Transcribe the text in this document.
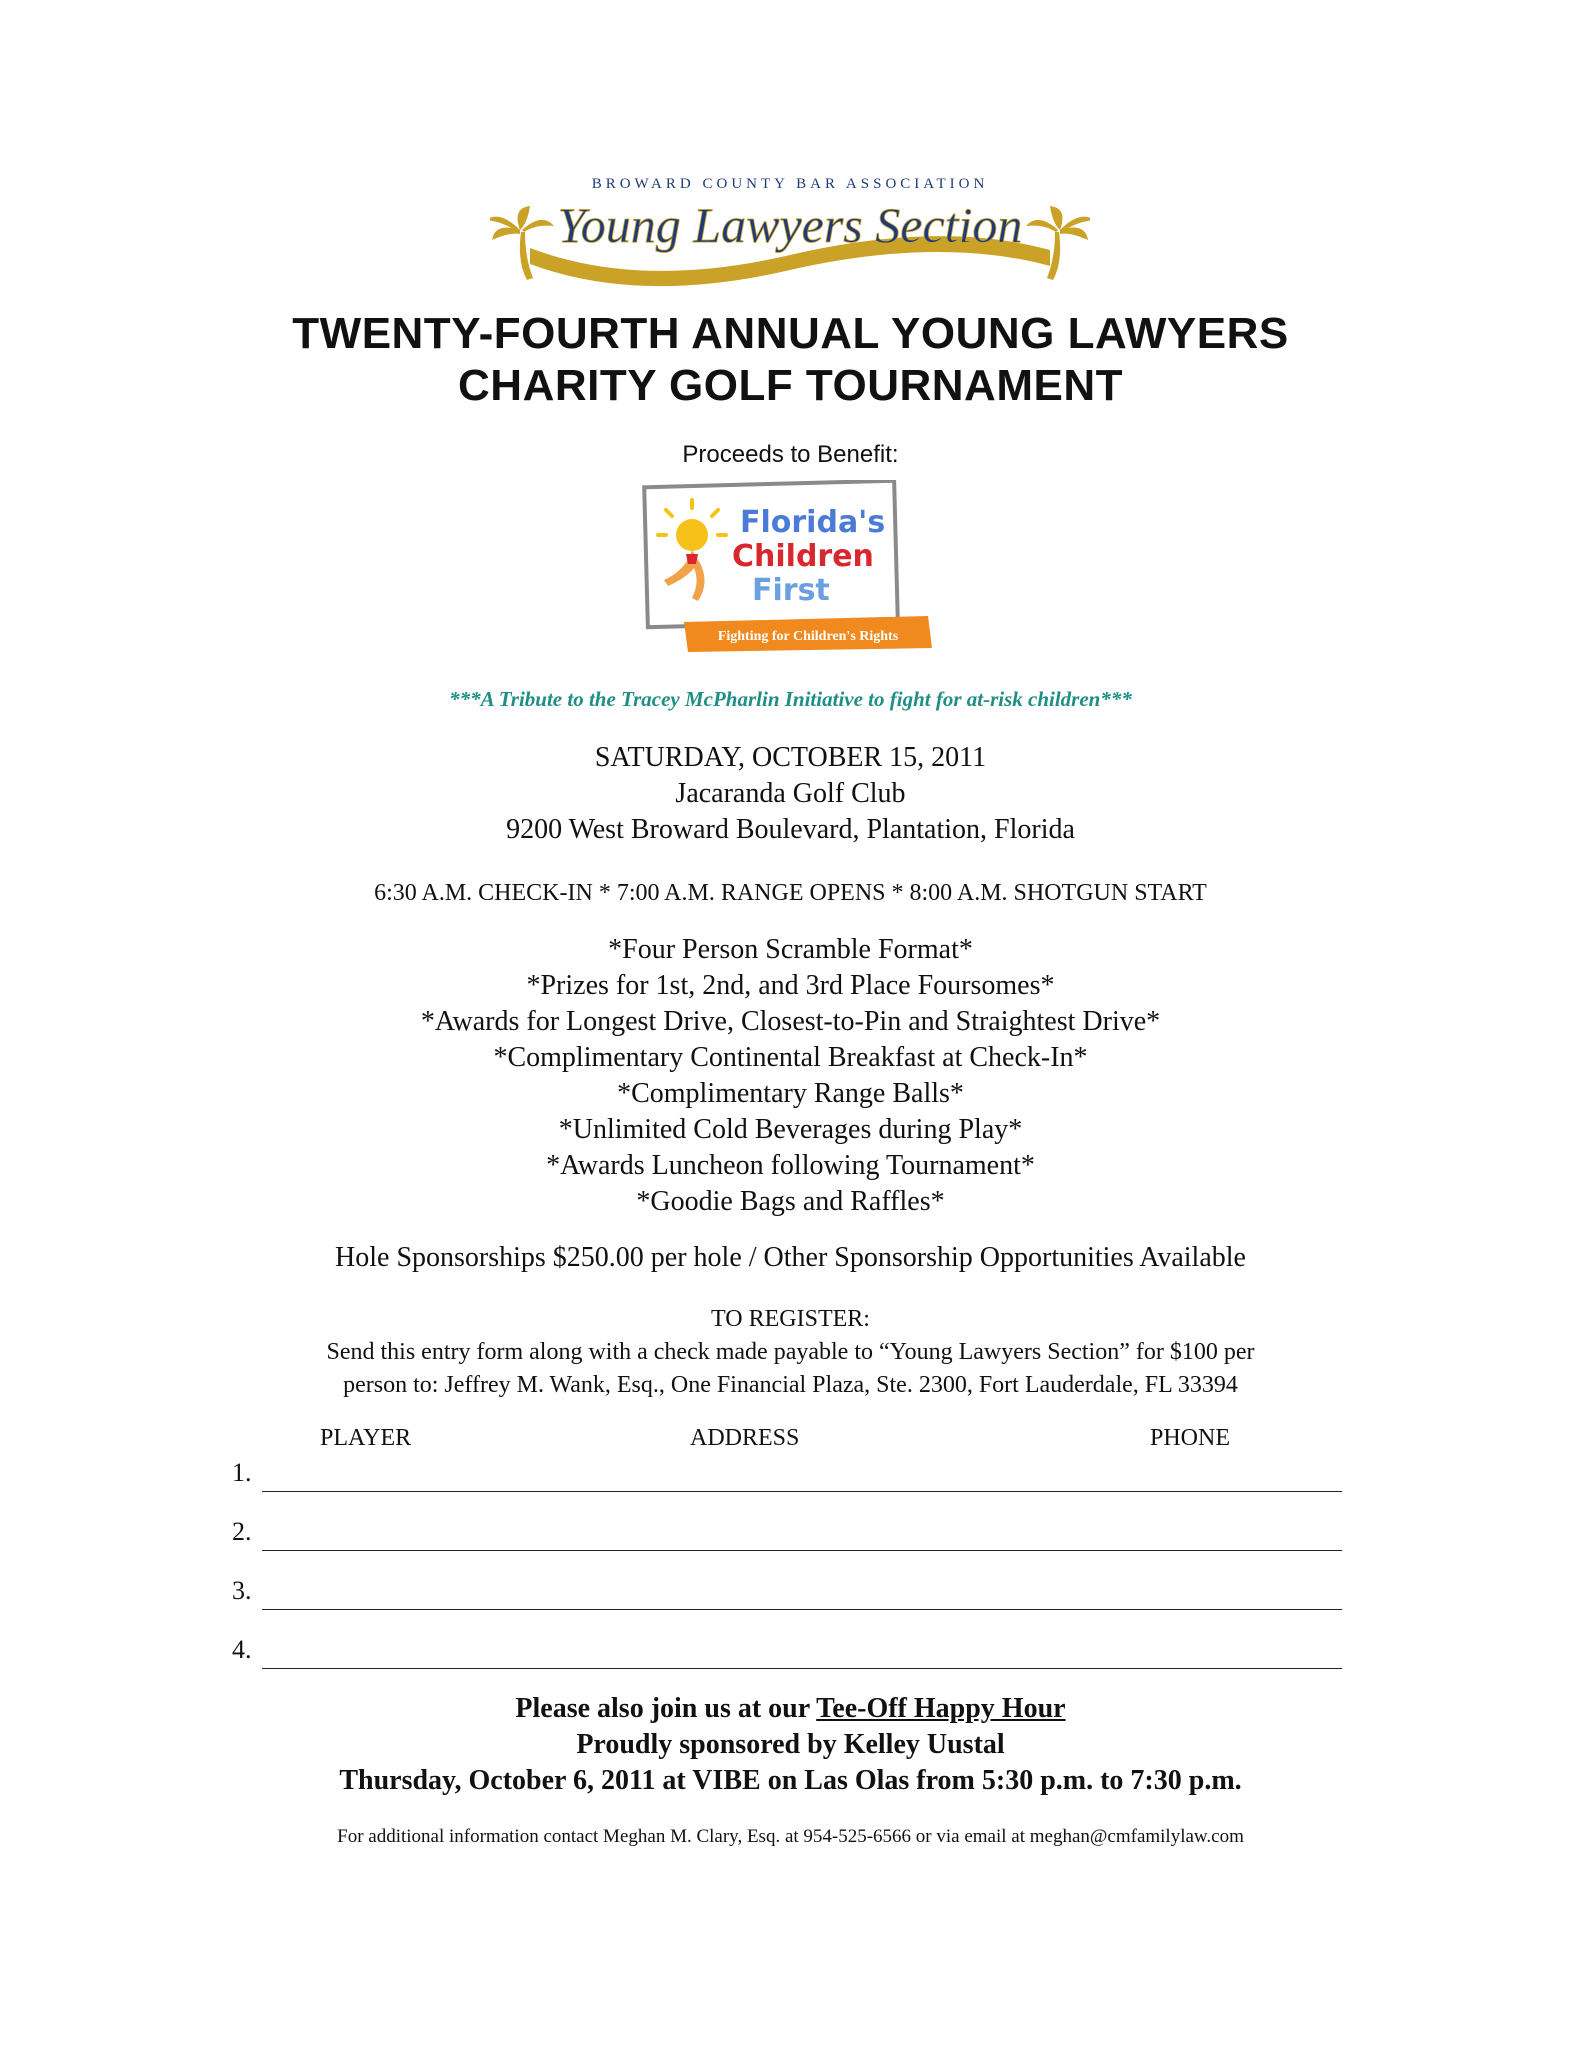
BROWARD COUNTY BAR ASSOCIATION
Young Lawyers Section
TWENTY-FOURTH ANNUAL YOUNG LAWYERS
CHARITY GOLF TOURNAMENT
Proceeds to Benefit:
Florida's
Children
First
Fighting for Children's Rights
***A Tribute to the Tracey McPharlin Initiative to fight for at-risk children***
SATURDAY, OCTOBER 15, 2011
Jacaranda Golf Club
9200 West Broward Boulevard, Plantation, Florida
6:30 A.M. CHECK-IN * 7:00 A.M. RANGE OPENS * 8:00 A.M. SHOTGUN START
*Four Person Scramble Format*
*Prizes for 1st, 2nd, and 3rd Place Foursomes*
*Awards for Longest Drive, Closest-to-Pin and Straightest Drive*
*Complimentary Continental Breakfast at Check-In*
*Complimentary Range Balls*
*Unlimited Cold Beverages during Play*
*Awards Luncheon following Tournament*
*Goodie Bags and Raffles*
Hole Sponsorships $250.00 per hole / Other Sponsorship Opportunities Available
TO REGISTER:
Send this entry form along with a check made payable to “Young Lawyers Section” for $100 per
person to: Jeffrey M. Wank, Esq., One Financial Plaza, Ste. 2300, Fort Lauderdale, FL 33394
PLAYER	ADDRESS	PHONE
1.
2.
3.
4.
Please also join us at our Tee-Off Happy Hour
Proudly sponsored by Kelley Uustal
Thursday, October 6, 2011 at VIBE on Las Olas from 5:30 p.m. to 7:30 p.m.
For additional information contact Meghan M. Clary, Esq. at 954-525-6566 or via email at meghan@cmfamilylaw.com
